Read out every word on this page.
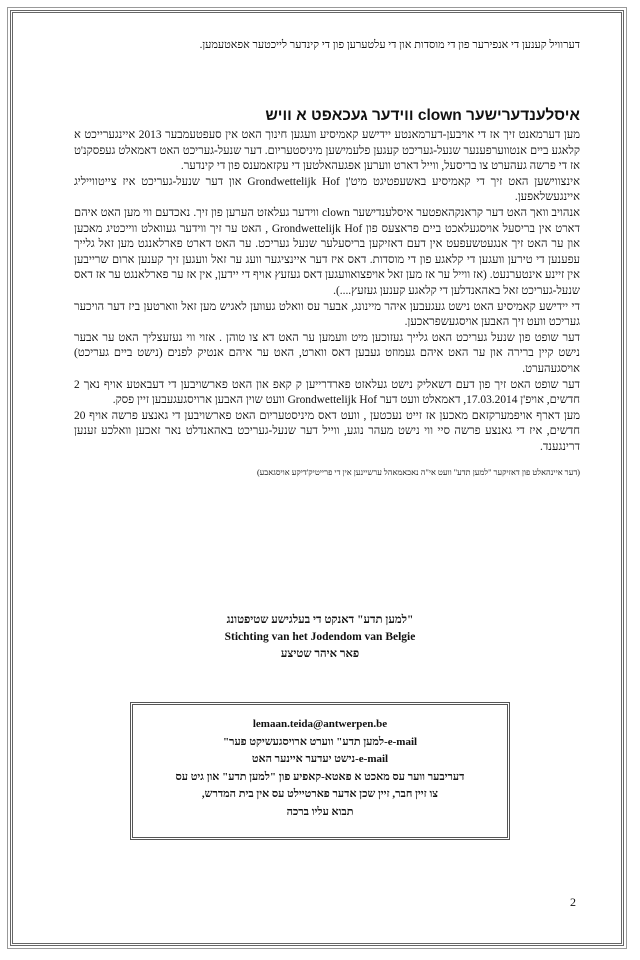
דערוויל קענען די אנפירער פון די מוסדות און די עלטערען פון די קינדער לייכטער אפאטעמען.

איסלענדערישער clown ווידער געכאפט א וויש

מען דערמאנט זיך אז די אויבען-דערמאנטע יידישע קאמיסיע וועגען חינוך האט אין סעפטעמבער 2013 איינגערייכט א קלאגע ביים אנטווערפענער שנעל-געריכט קעגען פלעמישען מיניסטעריום. דער שנעל-געריכט האט דאמאלט געפסקנ'ט אז די פרשה געהערט צו בריסעל, ווייל דארט ווערען אפגעהאלטען די עקזאמענס פון די קינדער.

אינצווישען האט זיך די קאמיסיע באשעפטיגט מיט'ן Grondwettelijk Hof און דער שנעל-געריכט איז צייטווייליג איינגעשלאפען.

אנהויב וואך האט דער קראנקהאפטער איסלענדישער clown ווידער געלאזט הערען פון זיך. נאכדעם ווי מען האט איהם דארט אין בריסעל אויסגעלאכט ביים פראצעס פון Grondwettelijk Hof , האט ער זיך ווידער געוואלט ווייכטיג מאכען און ער האט זיך אנגעטשעפעט אין דעם דאזיקען בריסעלער שנעל געריכט. ער האט דארט פארלאנגט מען זאל גלייך עפענען די טירען וועגען די קלאגע פון די מוסדות. דאס איז דער איינציגער וועג ער זאל וועגען זיך קענען ארום שרייבען אין זיינע אינטערנעט. (אז ווייל ער אז מען זאל אויפצואוועגען דאס געזעץ אויף די יידען, אין אז ער פארלאנגט ער אז דאס שנעל-געריכט זאל באהאנדלען די קלאגע קענען געזעץ....).

די יידישע קאמיסיע האט נישט געגעבען איהר מיינונג, אבער עס וואלט געווען לאגיש מען זאל ווארטען ביז דער הויכער געריכט וועט זיך האבען אויסגעשפראכען.

דער שופט פון שנעל געריכט האט גלייך געזוכען מיט וועמען ער האט דא צו טוהן . אזוי ווי געזעצליך האט ער אבער נישט קיין ברירה און ער האט איהם געמוזט געבען דאס ווארט, האט ער איהם אנטיק לפנים (נישט ביים געריכט) אויסגעהערט.

דער שופט האט זיך פון דעם דשאליק נישט געלאזט פארדרייען ק קאפ און האט פארשויבען די דעבאטע אויף נאך 2 חדשים, אויפ'ן 17.03.2014, דאמאלט וועט דער Grondwettelijk Hof וועט שוין האבען ארויסגעגעבען זיין פסק.

מען דארף אויפמערקזאם מאכען אז זייט נעכטען , וועט דאס מיניסטעריום האט פארשויבען די גאנצע פרשה אויף 20 חדשים, איז די גאנצע פרשה סיי ווי נישט מעהר נוגע, ווייל דער שנעל-געריכט באהאנדלט נאר זאכען וואלכע זענען דרינגענד.

(דער איינהאלט פון דאזיקער "למען תדע" וועט אי"ה נאכאמאהל ערשיינען אין די פרייטיק'דיקע אויסגאבע)

"למען תדע" דאנקט די בעלגישע שטיפטונג
Stichting van het Jodendom van Belgie
פאר איהר שטיצע
lemaan.teida@antwerpen.be
e-mail-למען תדע" ווערט ארויסגעשיקט פער"
e-mail-נישט יעדער איינער האט
דעריבער ווער עס מאכט א פאטא-קאפיע פון "למען תדע" און גיט עס
צו זיין חבר, זיין שכן אדער פארטיילט עס אין בית המדרש,
תבוא עליו ברכה
2
